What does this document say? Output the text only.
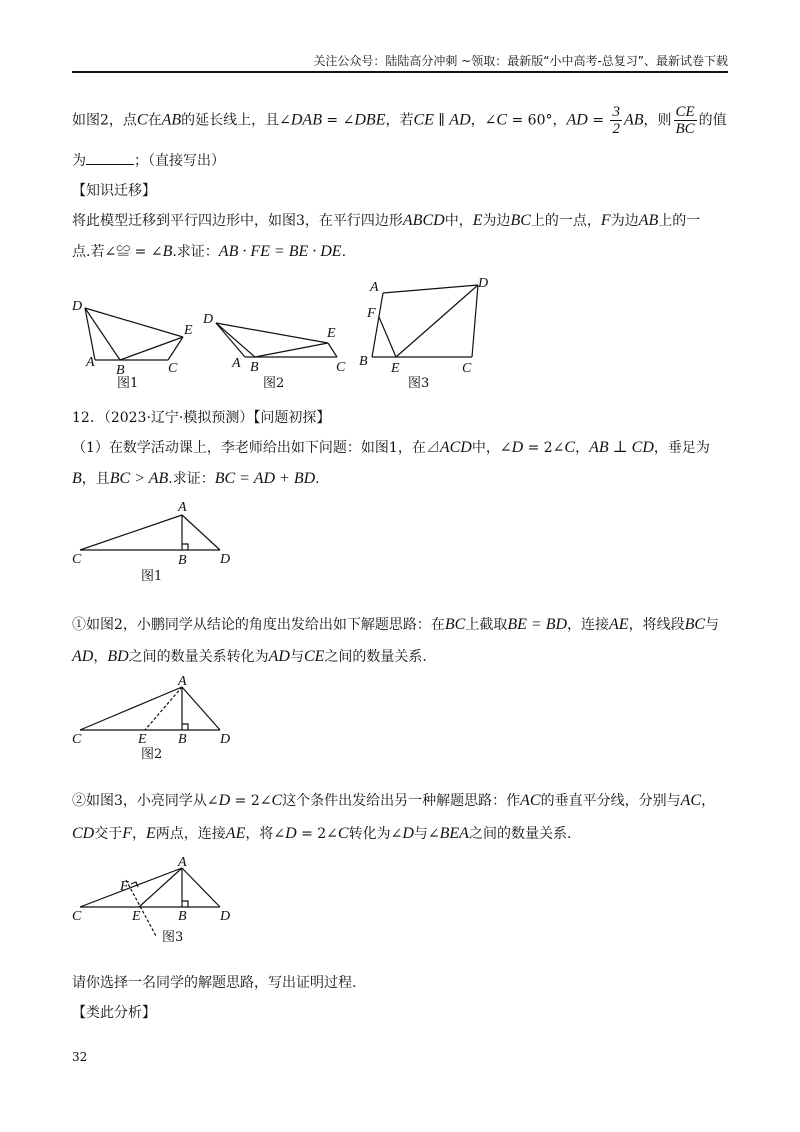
关注公众号：陆陆高分冲刺 ~领取：最新版“小中高考-总复习”、最新试卷下载
如图2，点C在AB的延长线上，且∠DAB = ∠DBE，若CE ∥ AD，∠C = 60°，AD = $\frac{3}{2}$ AB，则 $\frac{CE}{BC}$ 的值
为	；（直接写出）
【知识迁移】
将此模型迁移到平行四边形中，如图3，在平行四边形ABCD中，E为边BC上的一点，F为边AB上的一
点.若∠≌ = ∠B.求证：AB · FE = BE · DE.
D
A
B	C
E
图1
D
A B	C
E
图2
A	D
F
B E	C
图3
12．（2023·辽宁·模拟预测）【问题初探】
（1）在数学活动课上，李老师给出如下问题：如图1，在⊿ACD中，∠D = 2∠C，AB ⊥ CD，垂足为
B，且BC > AB.求证：BC = AD + BD.
A
C	B D
图1
①如图2，小鹏同学从结论的角度出发给出如下解题思路：在BC上截取BE = BD，连接AE，将线段BC与
AD，BD之间的数量关系转化为AD与CE之间的数量关系.
A
C	E B D
图2
②如图3，小亮同学从∠D = 2∠C这个条件出发给出另一种解题思路：作AC的垂直平分线，分别与AC，
CD交于F，E两点，连接AE，将∠D = 2∠C转化为∠D与∠BEA之间的数量关系.
A
F
C	E	B D
图3
请你选择一名同学的解题思路，写出证明过程.
【类此分析】
32
